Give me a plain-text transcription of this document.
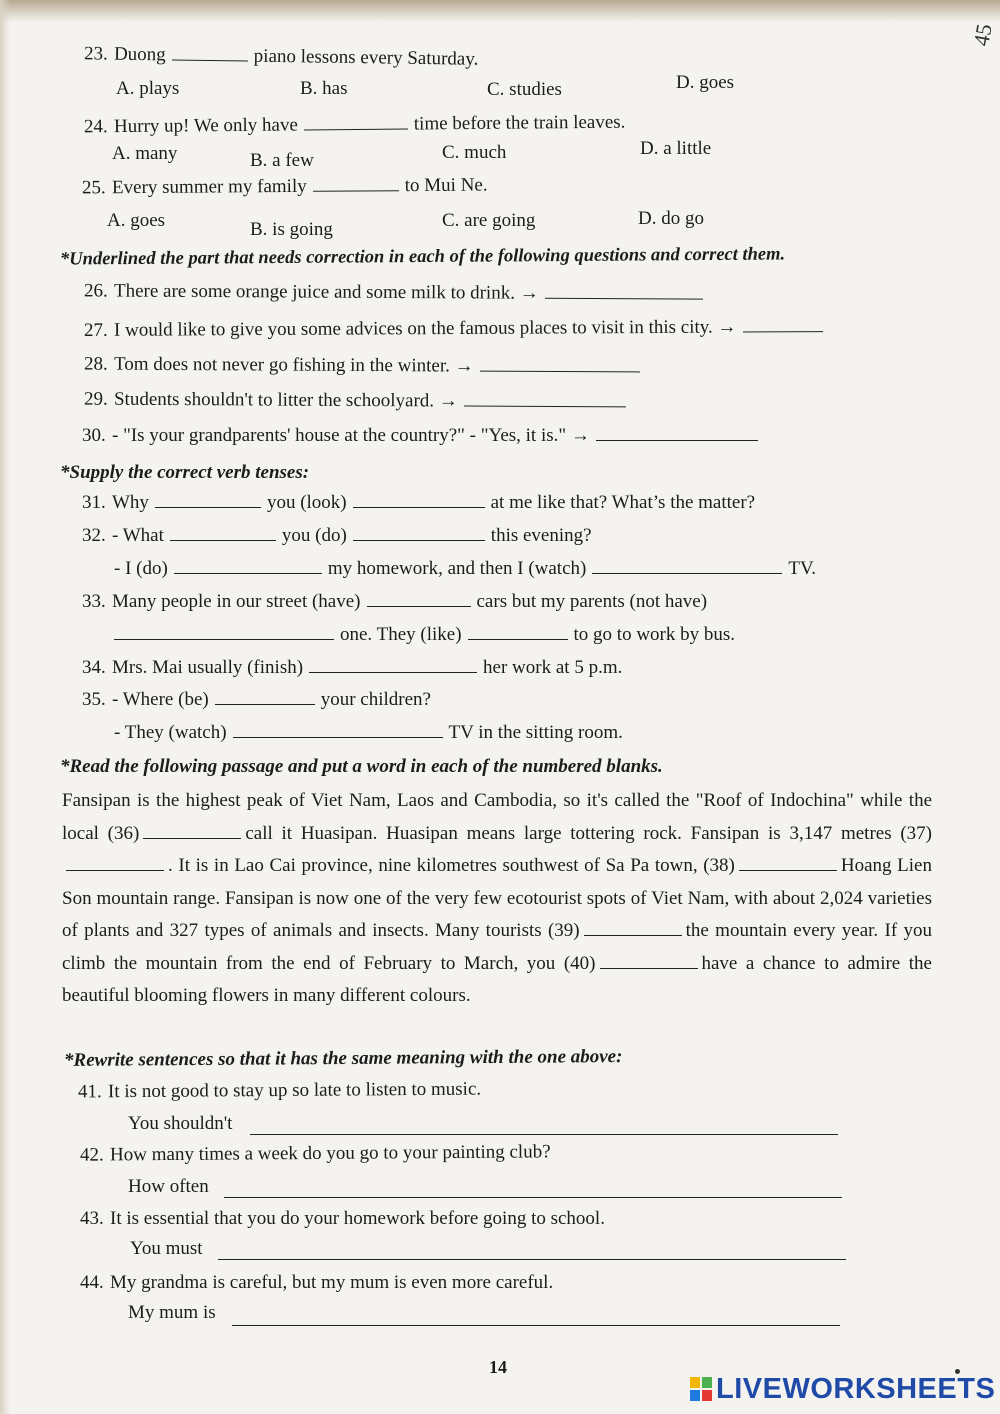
45
23. Duong	piano lessons every Saturday.
A. plays	B. has	C. studies	D. goes
24. Hurry up! We only have	time before the train leaves.
A. many	B. a few	C. much	D. a little
25. Every summer my family	to Mui Ne.
A. goes	B. is going	C. are going	D. do go
*Underlined the part that needs correction in each of the following questions and correct them.
26. There are some orange juice and some milk to drink. →
27. I would like to give you some advices on the famous places to visit in this city. →
28. Tom does not never go fishing in the winter. →
29. Students shouldn't to litter the schoolyard. →
30. - "Is your grandparents' house at the country?" - "Yes, it is." →
*Supply the correct verb tenses:
31. Why	you (look)	at me like that? What’s the matter?
32. - What	you (do)	this evening?
- I (do)	my homework, and then I (watch)	TV.
33. Many people in our street (have)	cars but my parents (not have)
one. They (like)	to go to work by bus.
34. Mrs. Mai usually (finish)	her work at 5 p.m.
35. - Where (be)	your children?
- They (watch)	TV in the sitting room.
*Read the following passage and put a word in each of the numbered blanks.
Fansipan is the highest peak of Viet Nam, Laos and Cambodia, so it's called the "Roof of Indochina" while the local (36)	call it Huasipan. Huasipan means large tottering rock. Fansipan is 3,147 metres (37). It is in Lao Cai province, nine kilometres southwest of Sa Pa town, (38)	Hoang Lien Son mountain range. Fansipan is now one of the very few ecotourist spots of Viet Nam, with about 2,024 varieties of plants and 327 types of animals and insects. Many tourists (39)	the mountain every year. If you climb the mountain from the end of February to March, you (40)	have a chance to admire the beautiful blooming flowers in many different colours.
*Rewrite sentences so that it has the same meaning with the one above:
41. It is not good to stay up so late to listen to music.
You shouldn't
42. How many times a week do you go to your painting club?
How often
43. It is essential that you do your homework before going to school.
You must
44. My grandma is careful, but my mum is even more careful.
My mum is
14
LIVEWORKSHEETS
